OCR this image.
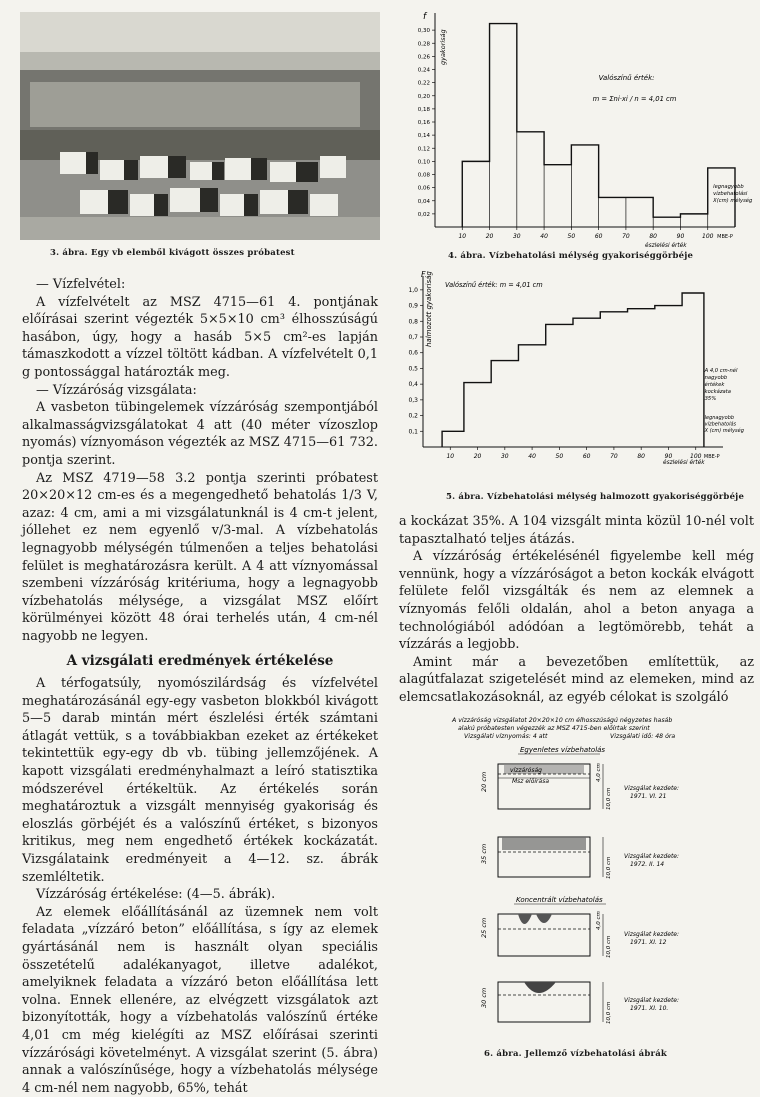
3. ábra. Egy vb elemből kivágott összes próbatest
0,02
0,04
0,06
0,08
0,10
0,12
0,14
0,16
0,18
0,20
0,22
0,24
0,26
0,28
0,30
10	20	30	40	50	60	70	80	90	100
f
gyakoriság
észlelési érték
Valószínű érték:
m = Σni·xi / n = 4,01 cm
legnagyobb
vízbehatolási
X(cm) mélység
MBE-P
4. ábra. Vízbehatolási mélység gyakoriséggörbéje
0,1
0,2
0,3
0,4
0,5
0,6
0,7
0,8
0,9
1,0
10	20	30	40	50	60	70	80	90	100
F halmozott gyakoriság Valószínű érték: m = 4,01 cm
A 4,0 cm-nél
nagyobb
értékek
kockázata
35%
legnagyobb
vízbehatolás
X (cm) mélység
észlelési érték
MBE-P
5. ábra. Vízbehatolási mélység halmozott gyakoriséggörbéje

— Vízfelvétel:

A vízfelvételt az MSZ 4715—61 4. pontjának előírásai szerint végezték 5×5×10 cm³ élhosszúságú hasábon, úgy, hogy a hasáb 5×5 cm²-es lapján támaszkodott a vízzel töltött kádban. A vízfelvételt 0,1 g pontossággal határozták meg.

— Vízzáróság vizsgálata:

A vasbeton tübingelemek vízzáróság szempontjából alkalmasságvizsgálatokat 4 att (40 méter vízoszlop nyomás) víznyomáson végezték az MSZ 4715—61 732. pontja szerint.

Az MSZ 4719—58 3.2 pontja szerinti próbatest 20×20×12 cm-es és a megengedhető behatolás 1/3 V, azaz: 4 cm, ami a mi vizsgálatunknál is 4 cm-t jelent, jóllehet ez nem egyenlő v/3-mal. A vízbehatolás legnagyobb mélységén túlmenően a teljes behatolási felület is meghatározásra került. A 4 att víznyomással szembeni vízzáróság kritériuma, hogy a legnagyobb vízbehatolás mélysége, a vizsgálat MSZ előírt körülményei között 48 órai terhelés után, 4 cm-nél nagyobb ne legyen.

A vizsgálati eredmények értékelése

A térfogatsúly, nyomószilárdság és vízfelvétel meghatározásánál egy-egy vasbeton blokkból kivágott 5—5 darab mintán mért észlelési érték számtani átlagát vettük, s a továbbiakban ezeket az értékeket tekintettük egy-egy db vb. tübing jellemzőjének. A kapott vizsgálati eredményhalmazt a leíró statisztika módszerével értékeltük. Az értékelés során meghatároztuk a vizsgált mennyiség gyakoriság és eloszlás görbéjét és a valószínű értéket, s bizonyos kritikus, meg nem engedhető értékek kockázatát. Vizsgálataink eredményeit a 4—12. sz. ábrák szemléltetik.

Vízzáróság értékelése: (4—5. ábrák).

Az elemek előállításánál az üzemnek nem volt feladata „vízzáró beton” előállítása, s így az elemek gyártásánál nem is használt olyan speciális összetételű adalékanyagot, illetve adalékot, amelyiknek feladata a vízzáró beton előállítása lett volna. Ennek ellenére, az elvégzett vizsgálatok azt bizonyították, hogy a vízbehatolás valószínű értéke 4,01 cm még kielégíti az MSZ előírásai szerinti vízzárósági követelményt. A vizsgálat szerint (5. ábra) annak a valószínűsége, hogy a vízbehatolás mélysége 4 cm-nél nem nagyobb, 65%, tehát

a kockázat 35%. A 104 vizsgált minta közül 10-nél volt tapasztalható teljes átázás.

A vízzáróság értékelésénél figyelembe kell még vennünk, hogy a vízzáróságot a beton kockák elvágott felülete felől vizsgálták és nem az elemnek a víznyomás felőli oldalán, ahol a beton anyaga a technológiából adódóan a legtömörebb, tehát a vízzárás a legjobb.

Amint már a bevezetőben említettük, az alagútfalazat szigetelését mind az elemeken, mind az elemcsatlakozásoknál, az egyéb célokat is szolgáló

A vízzáróság vizsgálatot 20×20×10 cm élhosszúságú négyzetes hasáb
alakú próbatesten végezzék az MSZ 4715-ben előírtak szerint
Vizsgálati víznyomás: 4 att	Vizsgálati idő: 48 óra
Egyenletes vízbehatolás
vízzáróság
Msz előírása
20 cm	4,0 cm
10,0 cm Vizsgálat kezdete:
1971. VI. 21
35 cm
10,0 cm
Vizsgálat kezdete:
1972. II. 14
Koncentrált vízbehatolás
25 cm	4,0 cm
10,0 cm
Vizsgálat kezdete:
1971. XI. 12
30 cm
10,0 cm
Vizsgálat kezdete:
1971. XI. 10.
6. ábra. Jellemző vízbehatolási ábrák
